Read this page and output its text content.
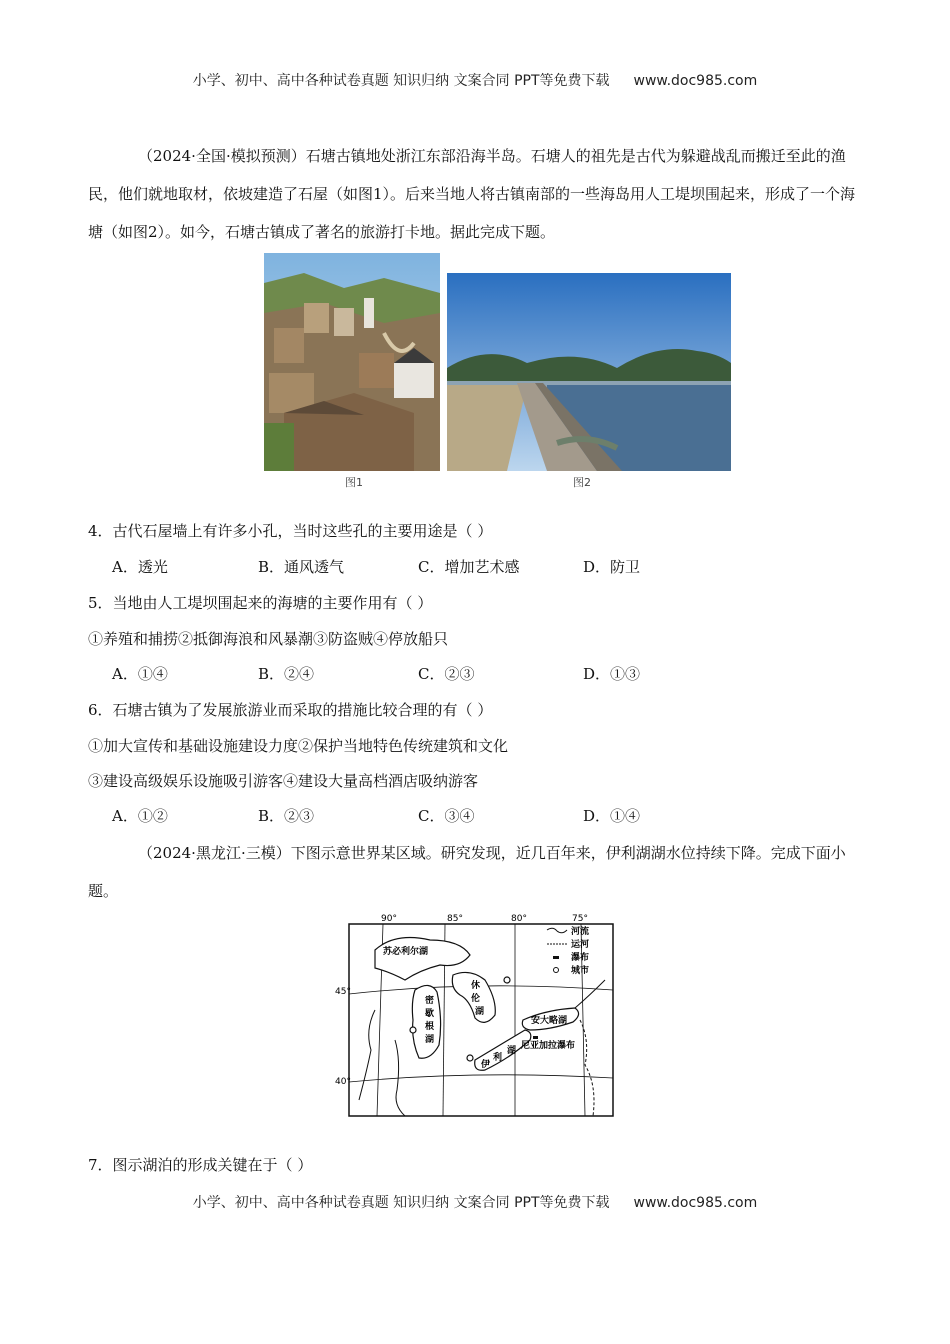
小学、初中、高中各种试卷真题 知识归纳 文案合同 PPT等免费下载 www.doc985.com
（2024·全国·模拟预测）石塘古镇地处浙江东部沿海半岛。石塘人的祖先是古代为躲避战乱而搬迁至此的渔民，他们就地取材，依坡建造了石屋（如图1）。后来当地人将古镇南部的一些海岛用人工堤坝围起来，形成了一个海塘（如图2）。如今，石塘古镇成了著名的旅游打卡地。据此完成下题。
图1	图2
4．古代石屋墙上有许多小孔，当时这些孔的主要用途是（ ）
A．透光	B．通风透气	C．增加艺术感	D．防卫
5．当地由人工堤坝围起来的海塘的主要作用有（ ）
①养殖和捕捞②抵御海浪和风暴潮③防盗贼④停放船只
A．①④	B．②④	C．②③	D．①③
6．石塘古镇为了发展旅游业而采取的措施比较合理的有（ ）
①加大宣传和基础设施建设力度②保护当地特色传统建筑和文化
③建设高级娱乐设施吸引游客④建设大量高档酒店吸纳游客
A．①②	B．②③	C．③④	D．①④
（2024·黑龙江·三模）下图示意世界某区域。研究发现，近几百年来，伊利湖湖水位持续下降。完成下面小题。
90°	85°	80°	75°
45°
40°
苏必利尔湖
密
歇
根
湖
休
伦
湖
伊
利
湖
安大略湖
尼亚加拉瀑布
河流
运河
瀑布
城市
7．图示湖泊的形成关键在于（ ）
小学、初中、高中各种试卷真题 知识归纳 文案合同 PPT等免费下载 www.doc985.com
